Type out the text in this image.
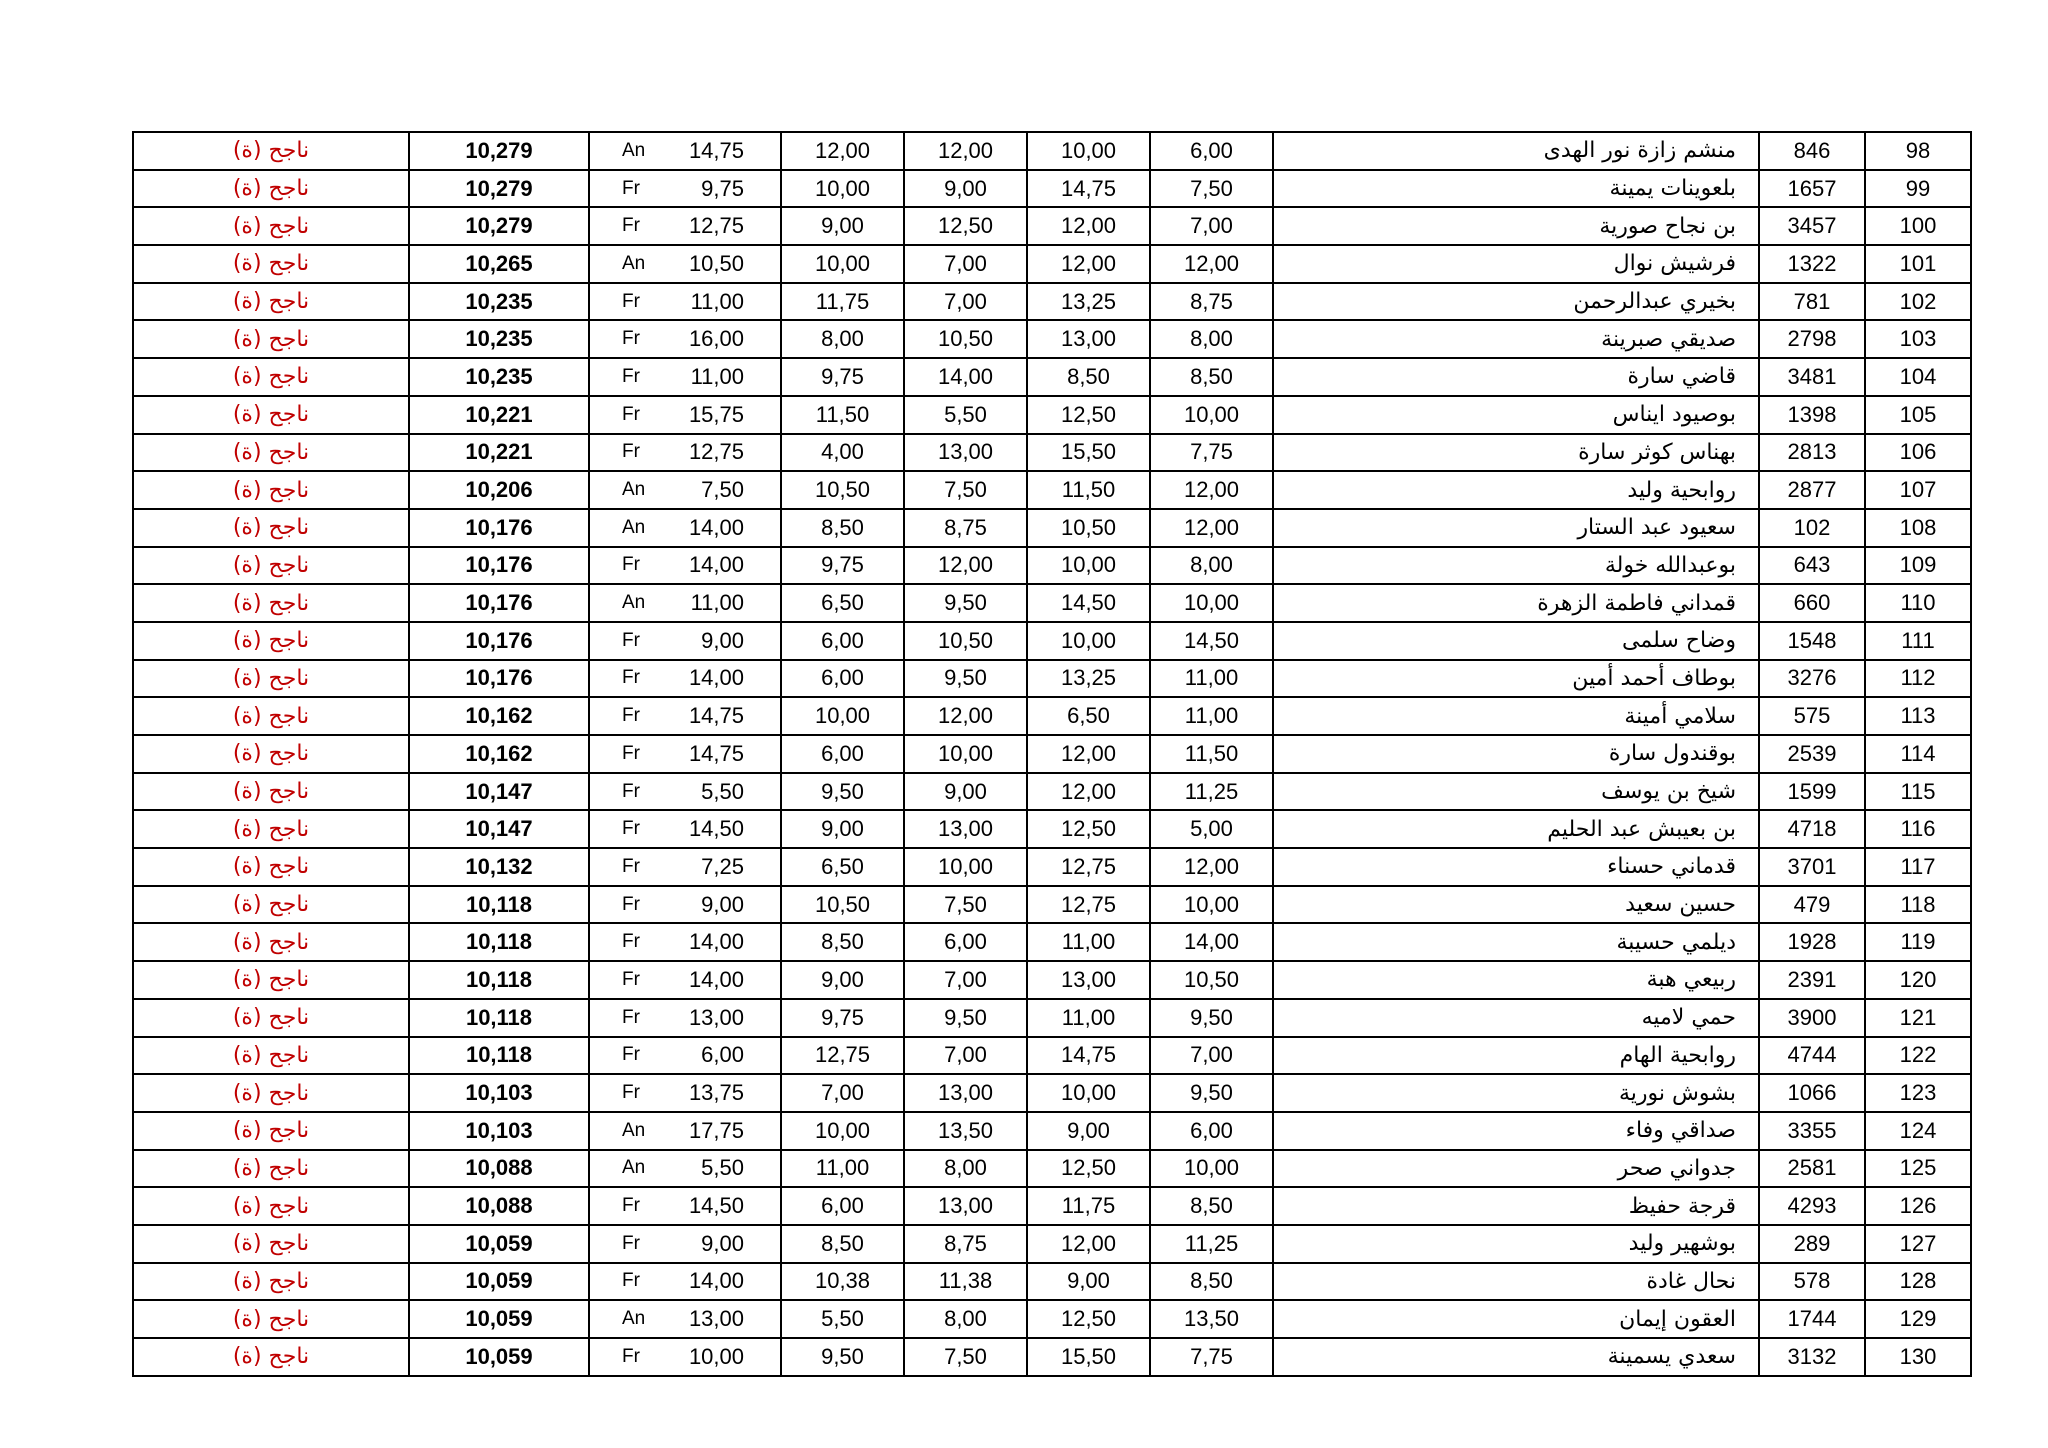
ناجح (ة)	10,279	An 14,75	12,00	12,00	10,00	6,00	منشم زازة نور الهدى	846	98
ناجح (ة)	10,279	Fr 9,75	10,00	9,00	14,75	7,50	بلعوينات يمينة	1657	99
ناجح (ة)	10,279	Fr 12,75	9,00	12,50	12,00	7,00	بن نجاح صورية	3457	100
ناجح (ة)	10,265	An 10,50	10,00	7,00	12,00	12,00	فرشيش نوال	1322	101
ناجح (ة)	10,235	Fr 11,00	11,75	7,00	13,25	8,75	بخيري عبدالرحمن	781	102
ناجح (ة)	10,235	Fr 16,00	8,00	10,50	13,00	8,00	صديقي صبرينة	2798	103
ناجح (ة)	10,235	Fr 11,00	9,75	14,00	8,50	8,50	قاضي سارة	3481	104
ناجح (ة)	10,221	Fr 15,75	11,50	5,50	12,50	10,00	بوصيود ايناس	1398	105
ناجح (ة)	10,221	Fr 12,75	4,00	13,00	15,50	7,75	بهناس كوثر سارة	2813	106
ناجح (ة)	10,206	An 7,50	10,50	7,50	11,50	12,00	روابحية وليد	2877	107
ناجح (ة)	10,176	An 14,00	8,50	8,75	10,50	12,00	سعيود عبد الستار	102	108
ناجح (ة)	10,176	Fr 14,00	9,75	12,00	10,00	8,00	بوعبدالله خولة	643	109
ناجح (ة)	10,176	An 11,00	6,50	9,50	14,50	10,00	قمداني فاطمة الزهرة	660	110
ناجح (ة)	10,176	Fr 9,00	6,00	10,50	10,00	14,50	وضاح سلمى	1548	111
ناجح (ة)	10,176	Fr 14,00	6,00	9,50	13,25	11,00	بوطاف أحمد أمين	3276	112
ناجح (ة)	10,162	Fr 14,75	10,00	12,00	6,50	11,00	سلامي أمينة	575	113
ناجح (ة)	10,162	Fr 14,75	6,00	10,00	12,00	11,50	بوقندول سارة	2539	114
ناجح (ة)	10,147	Fr 5,50	9,50	9,00	12,00	11,25	شيخ بن يوسف	1599	115
ناجح (ة)	10,147	Fr 14,50	9,00	13,00	12,50	5,00	بن بعيبش عبد الحليم	4718	116
ناجح (ة)	10,132	Fr 7,25	6,50	10,00	12,75	12,00	قدماني حسناء	3701	117
ناجح (ة)	10,118	Fr 9,00	10,50	7,50	12,75	10,00	حسين سعيد	479	118
ناجح (ة)	10,118	Fr 14,00	8,50	6,00	11,00	14,00	ديلمي حسيبة	1928	119
ناجح (ة)	10,118	Fr 14,00	9,00	7,00	13,00	10,50	ربيعي هبة	2391	120
ناجح (ة)	10,118	Fr 13,00	9,75	9,50	11,00	9,50	حمي لاميه	3900	121
ناجح (ة)	10,118	Fr 6,00	12,75	7,00	14,75	7,00	روابحية الهام	4744	122
ناجح (ة)	10,103	Fr 13,75	7,00	13,00	10,00	9,50	بشوش نورية	1066	123
ناجح (ة)	10,103	An 17,75	10,00	13,50	9,00	6,00	صداقي وفاء	3355	124
ناجح (ة)	10,088	An 5,50	11,00	8,00	12,50	10,00	جدواني صحر	2581	125
ناجح (ة)	10,088	Fr 14,50	6,00	13,00	11,75	8,50	قرجة حفيظ	4293	126
ناجح (ة)	10,059	Fr 9,00	8,50	8,75	12,00	11,25	بوشهير وليد	289	127
ناجح (ة)	10,059	Fr 14,00	10,38	11,38	9,00	8,50	نحال غادة	578	128
ناجح (ة)	10,059	An 13,00	5,50	8,00	12,50	13,50	العقون إيمان	1744	129
ناجح (ة)	10,059	Fr 10,00	9,50	7,50	15,50	7,75	سعدي يسمينة	3132	130
